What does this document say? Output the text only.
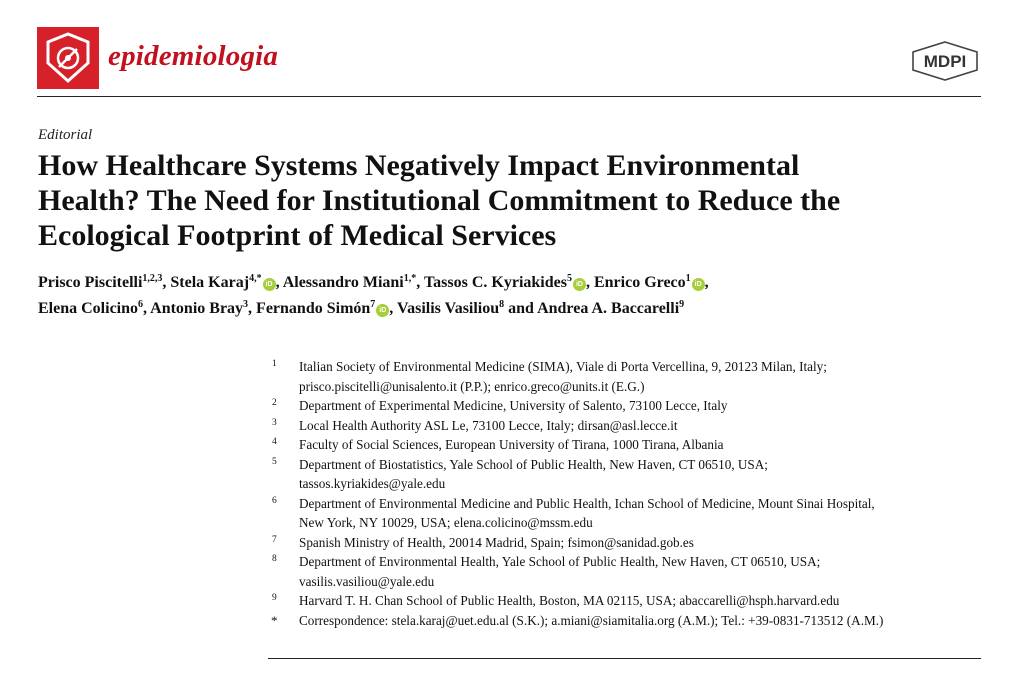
epidemiologia	MDPI
Editorial
How Healthcare Systems Negatively Impact Environmental
Health? The Need for Institutional Commitment to Reduce the
Ecological Footprint of Medical Services
Prisco Piscitelli$^{1,2,3}$, Stela Karaj$^{4,*}$iD , Alessandro Miani$^{1,*}$, Tassos C. Kyriakides$^5$iD , Enrico Greco$^1$iD ,
Elena Colicino$^6$, Antonio Bray$^3$, Fernando Simón$^7$iD , Vasilis Vasiliou$^8$ and Andrea A. Baccarelli$^9$
1 Italian Society of Environmental Medicine (SIMA), Viale di Porta Vercellina, 9, 20123 Milan, Italy;
prisco.piscitelli@unisalento.it (P.P.); enrico.greco@units.it (E.G.)
2 Department of Experimental Medicine, University of Salento, 73100 Lecce, Italy
3 Local Health Authority ASL Le, 73100 Lecce, Italy; dirsan@asl.lecce.it
4 Faculty of Social Sciences, European University of Tirana, 1000 Tirana, Albania
5 Department of Biostatistics, Yale School of Public Health, New Haven, CT 06510, USA;
tassos.kyriakides@yale.edu
6 Department of Environmental Medicine and Public Health, Ichan School of Medicine, Mount Sinai Hospital,
New York, NY 10029, USA; elena.colicino@mssm.edu
7 Spanish Ministry of Health, 20014 Madrid, Spain; fsimon@sanidad.gob.es
8 Department of Environmental Health, Yale School of Public Health, New Haven, CT 06510, USA;
vasilis.vasiliou@yale.edu
9 Harvard T. H. Chan School of Public Health, Boston, MA 02115, USA; abaccarelli@hsph.harvard.edu
* Correspondence: stela.karaj@uet.edu.al (S.K.); a.miani@siamitalia.org (A.M.); Tel.: +39-0831-713512 (A.M.)
